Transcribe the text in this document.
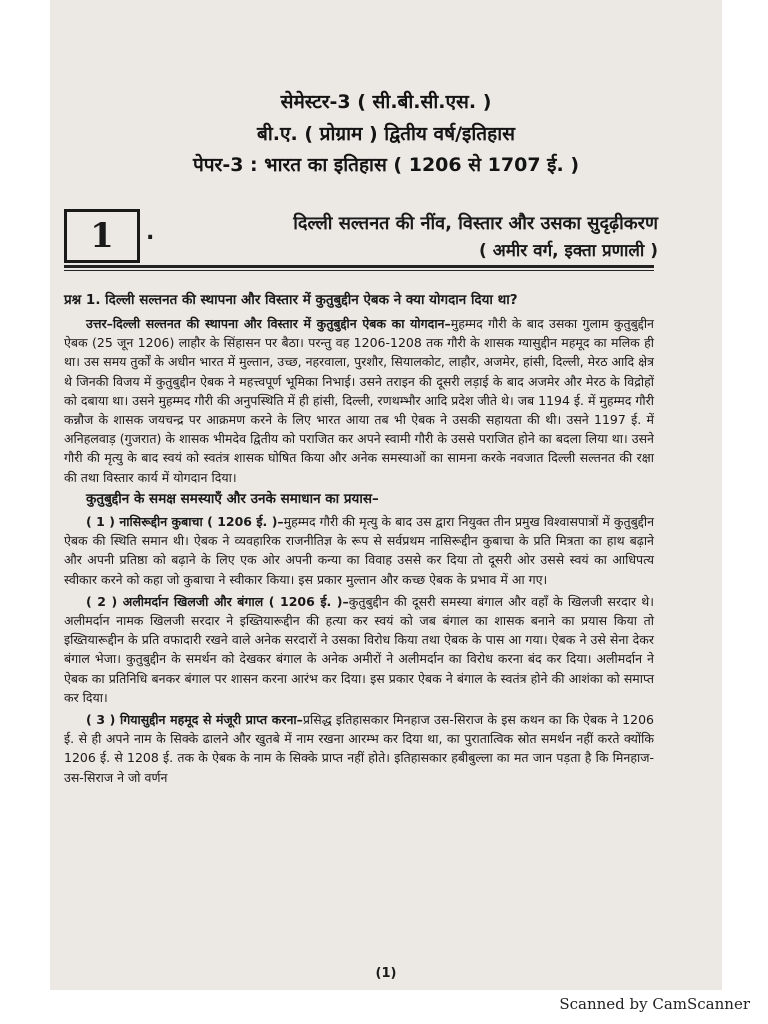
सेमेस्टर-3 ( सी.बी.सी.एस. )
बी.ए. ( प्रोग्राम ) द्वितीय वर्ष/इतिहास
पेपर-3 : भारत का इतिहास ( 1206 से 1707 ई. )
1	.	दिल्ली सल्तनत की नींव, विस्तार और उसका सुदृढ़ीकरण
( अमीर वर्ग, इक्ता प्रणाली )

प्रश्न 1. दिल्ली सल्तनत की स्थापना और विस्तार में कुतुबुद्दीन ऐबक ने क्या योगदान दिया था?

उत्तर–दिल्ली सल्तनत की स्थापना और विस्तार में कुतुबुद्दीन ऐबक का योगदान–मुहम्मद गौरी के बाद उसका गुलाम कुतुबुद्दीन ऐबक (25 जून 1206) लाहौर के सिंहासन पर बैठा। परन्तु वह 1206-1208 तक गौरी के शासक ग्यासुद्दीन महमूद का मलिक ही था। उस समय तुर्कों के अधीन भारत में मुल्तान, उच्छ, नहरवाला, पुरशौर, सियालकोट, लाहौर, अजमेर, हांसी, दिल्ली, मेरठ आदि क्षेत्र थे जिनकी विजय में कुतुबुद्दीन ऐबक ने महत्त्वपूर्ण भूमिका निभाई। उसने तराइन की दूसरी लड़ाई के बाद अजमेर और मेरठ के विद्रोहों को दबाया था। उसने मुहम्मद गौरी की अनुपस्थिति में ही हांसी, दिल्ली, रणथम्भौर आदि प्रदेश जीते थे। जब 1194 ई. में मुहम्मद गौरी कन्नौज के शासक जयचन्द्र पर आक्रमण करने के लिए भारत आया तब भी ऐबक ने उसकी सहायता की थी। उसने 1197 ई. में अनिहलवाड़ (गुजरात) के शासक भीमदेव द्वितीय को पराजित कर अपने स्वामी गौरी के उससे पराजित होने का बदला लिया था। उसने गौरी की मृत्यु के बाद स्वयं को स्वतंत्र शासक घोषित किया और अनेक समस्याओं का सामना करके नवजात दिल्ली सल्तनत की रक्षा की तथा विस्तार कार्य में योगदान दिया।

कुतुबुद्दीन के समक्ष समस्याएँ और उनके समाधान का प्रयास–

( 1 ) नासिरूद्दीन कुबाचा ( 1206 ई. )–मुहम्मद गौरी की मृत्यु के बाद उस द्वारा नियुक्त तीन प्रमुख विश्वासपात्रों में कुतुबुद्दीन ऐबक की स्थिति समान थी। ऐबक ने व्यवहारिक राजनीतिज्ञ के रूप से सर्वप्रथम नासिरूद्दीन कुबाचा के प्रति मित्रता का हाथ बढ़ाने और अपनी प्रतिष्ठा को बढ़ाने के लिए एक ओर अपनी कन्या का विवाह उससे कर दिया तो दूसरी ओर उससे स्वयं का आधिपत्य स्वीकार करने को कहा जो कुबाचा ने स्वीकार किया। इस प्रकार मुल्तान और कच्छ ऐबक के प्रभाव में आ गए।

( 2 ) अलीमर्दान खिलजी और बंगाल ( 1206 ई. )–कुतुबुद्दीन की दूसरी समस्या बंगाल और वहाँ के खिलजी सरदार थे। अलीमर्दान नामक खिलजी सरदार ने इख्तियारूद्दीन की हत्या कर स्वयं को जब बंगाल का शासक बनाने का प्रयास किया तो इख्तियारूद्दीन के प्रति वफादारी रखने वाले अनेक सरदारों ने उसका विरोध किया तथा ऐबक के पास आ गया। ऐबक ने उसे सेना देकर बंगाल भेजा। कुतुबुद्दीन के समर्थन को देखकर बंगाल के अनेक अमीरों ने अलीमर्दान का विरोध करना बंद कर दिया। अलीमर्दान ने ऐबक का प्रतिनिधि बनकर बंगाल पर शासन करना आरंभ कर दिया। इस प्रकार ऐबक ने बंगाल के स्वतंत्र होने की आशंका को समाप्त कर दिया।

( 3 ) गियासुद्दीन महमूद से मंजूरी प्राप्त करना–प्रसिद्ध इतिहासकार मिनहाज उस-सिराज के इस कथन का कि ऐबक ने 1206 ई. से ही अपने नाम के सिक्के ढालने और खुतबे में नाम रखना आरम्भ कर दिया था, का पुरातात्विक स्रोत समर्थन नहीं करते क्योंकि 1206 ई. से 1208 ई. तक के ऐबक के नाम के सिक्के प्राप्त नहीं होते। इतिहासकार हबीबुल्ला का मत जान पड़ता है कि मिनहाज-उस-सिराज ने जो वर्णन

(1)
Scanned by CamScanner
